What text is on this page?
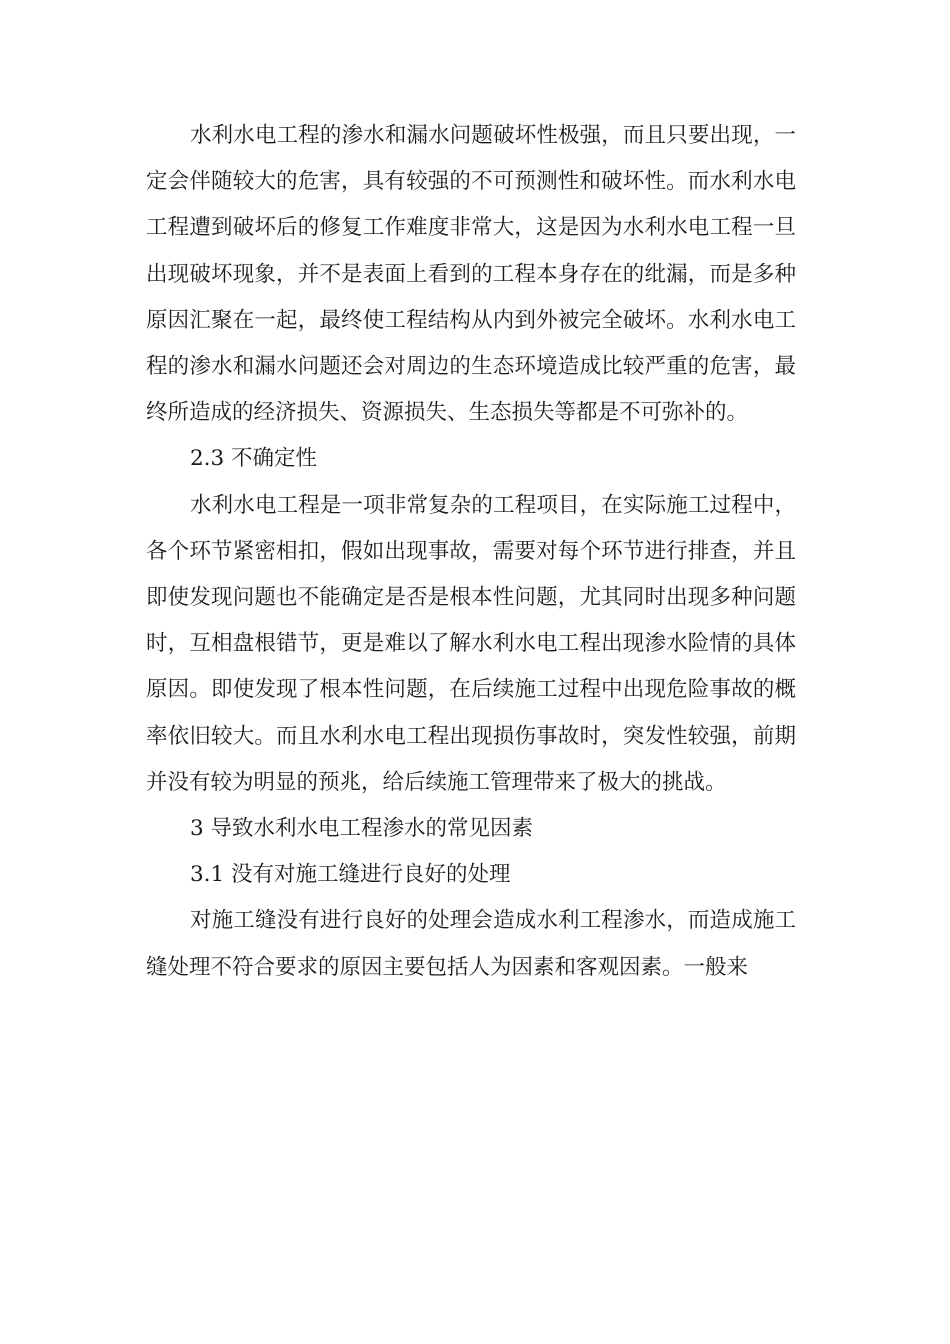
水利水电工程的渗水和漏水问题破坏性极强，而且只要出现，一定会伴随较大的危害，具有较强的不可预测性和破坏性。而水利水电工程遭到破坏后的修复工作难度非常大，这是因为水利水电工程一旦出现破坏现象，并不是表面上看到的工程本身存在的纰漏，而是多种原因汇聚在一起，最终使工程结构从内到外被完全破坏。水利水电工程的渗水和漏水问题还会对周边的生态环境造成比较严重的危害，最终所造成的经济损失、资源损失、生态损失等都是不可弥补的。

2.3 不确定性

水利水电工程是一项非常复杂的工程项目，在实际施工过程中，各个环节紧密相扣，假如出现事故，需要对每个环节进行排查，并且即使发现问题也不能确定是否是根本性问题，尤其同时出现多种问题时，互相盘根错节，更是难以了解水利水电工程出现渗水险情的具体原因。即使发现了根本性问题，在后续施工过程中出现危险事故的概率依旧较大。而且水利水电工程出现损伤事故时，突发性较强，前期并没有较为明显的预兆，给后续施工管理带来了极大的挑战。

3 导致水利水电工程渗水的常见因素
3.1 没有对施工缝进行良好的处理

对施工缝没有进行良好的处理会造成水利工程渗水，而造成施工缝处理不符合要求的原因主要包括人为因素和客观因素。一般来
